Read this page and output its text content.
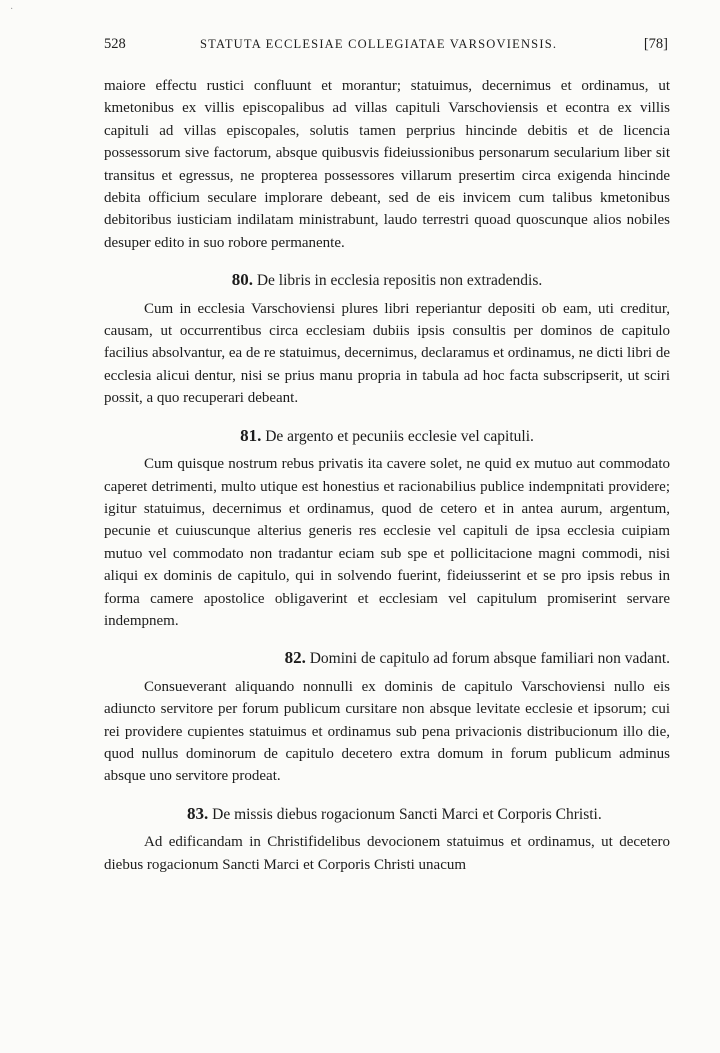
·
528	STATUTA ECCLESIAE COLLEGIATAE VARSOVIENSIS.	[78]

maiore effectu rustici confluunt et morantur; statuimus, decernimus et ordinamus, ut kmetonibus ex villis episcopalibus ad villas capituli Varschoviensis et econtra ex villis capituli ad villas episcopales, solutis tamen perprius hincinde debitis et de licencia possessorum sive factorum, absque quibusvis fideiussionibus personarum secularium liber sit transitus et egressus, ne propterea possessores villarum presertim circa exigenda hincinde debita officium seculare implorare debeant, sed de eis invicem cum talibus kmetonibus debitoribus iusticiam indilatam ministrabunt, laudo terrestri quoad quoscunque alios nobiles desuper edito in suo robore permanente.

80. De libris in ecclesia repositis non extradendis.

Cum in ecclesia Varschoviensi plures libri reperiantur depositi ob eam, uti creditur, causam, ut occurrentibus circa ecclesiam dubiis ipsis consultis per dominos de capitulo facilius absolvantur, ea de re statuimus, decernimus, declaramus et ordinamus, ne dicti libri de ecclesia alicui dentur, nisi se prius manu propria in tabula ad hoc facta subscripserit, ut sciri possit, a quo recuperari debeant.

81. De argento et pecuniis ecclesie vel capituli.

Cum quisque nostrum rebus privatis ita cavere solet, ne quid ex mutuo aut commodato caperet detrimenti, multo utique est honestius et racionabilius publice indempnitati providere; igitur statuimus, decernimus et ordinamus, quod de cetero et in antea aurum, argentum, pecunie et cuiuscunque alterius generis res ecclesie vel capituli de ipsa ecclesia cuipiam mutuo vel commodato non tradantur eciam sub spe et pollicitacione magni commodi, nisi aliqui ex dominis de capitulo, qui in solvendo fuerint, fideiusserint et se pro ipsis rebus in forma camere apostolice obligaverint et ecclesiam vel capitulum promiserint servare indempnem.

82. Domini de capitulo ad forum absque familiari non vadant.

Consueverant aliquando nonnulli ex dominis de capitulo Varschoviensi nullo eis adiuncto servitore per forum publicum cursitare non absque levitate ecclesie et ipsorum; cui rei providere cupientes statuimus et ordinamus sub pena privacionis distribucionum illo die, quod nullus dominorum de capitulo decetero extra domum in forum publicum adminus absque uno servitore prodeat.

83. De missis diebus rogacionum Sancti Marci et Corporis Christi.

Ad edificandam in Christifidelibus devocionem statuimus et ordinamus, ut decetero diebus rogacionum Sancti Marci et Corporis Christi unacum
